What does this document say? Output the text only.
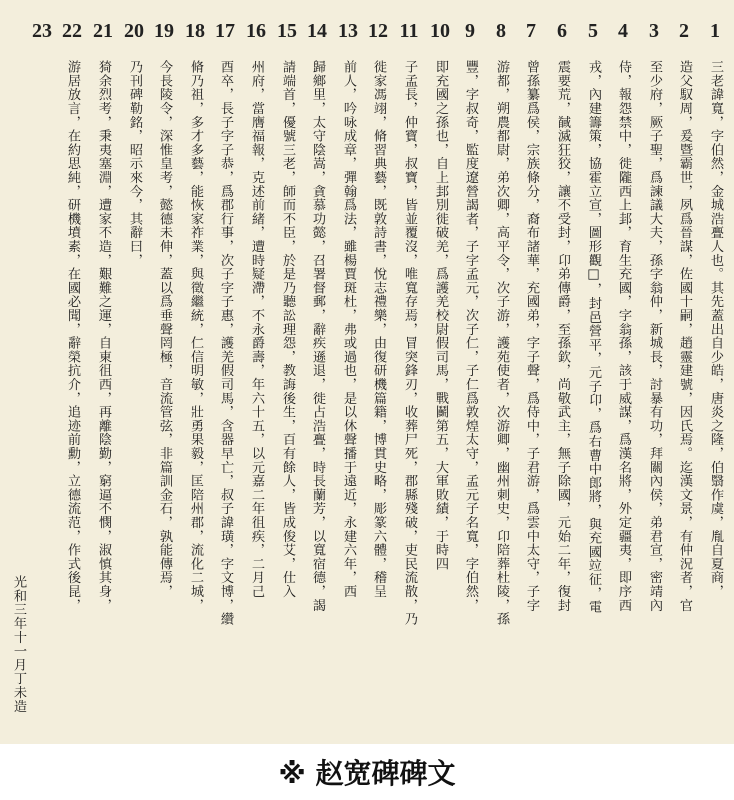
1
2
3
4
5
6
7
8
9
10
11
12
13
14
15
16
17
18
19
20
21
22
23
三老諱寬，字伯然，金城浩亹人也。其先蓋出自少皓，唐炎之隆，伯翳作虞，胤自夏商，
造父馭周，爰暨霸世，夙爲晉謀，佐國十嗣，趙靈建號，因氏焉。迄漢文景，有仲況者，官
至少府，厥子聖，爲諫議大夫，孫字翁仲，新城長，討暴有功，拜關內侯，弟君宣，密靖內
侍，報怨禁中，徙隴西上邽，育生充國，字翁孫，該于威謀，爲漢名將，外定疆夷，即序西
戎，內建籌策，協霍立宣，圖形觀□，封邑營平，元子卬，爲右曹中郎將，與充國竝征，電
震要荒，馘滅狂狡，讓不受封，卬弟傳爵，至孫欽，尚敬武主，無子除國，元始二年，復封
曾孫纂爲侯，宗族條分，裔布諸華，充國弟，字子聲，爲侍中，子君游，爲雲中太守，子字
游都，朔農都尉，弟次卿，高平令，次子游，護苑使者，次游卿，幽州刺史，卬陪葬杜陵，孫
豐，字叔奇，監度遼營謁者，子字孟元，次子仁，子仁爲敦煌太守，孟元子名寬，字伯然，
即充國之孫也，自上邽別徙破羌，爲護羌校尉假司馬，戰鬬第五，大軍敗績，于時四
子孟長，仲寶，叔寶，皆並覆沒，唯寬存焉，冒突鋒刃，收葬尸死，郡縣殘破，吏民流散，乃
徙家馮翊，脩習典藝，既敦詩書，悅志禮樂，由復研機篇籍，博貫史略，彫篆六體，稽呈
前人，吟咏成章，彈翰爲法，雖楊賈斑杜，弗或過也，是以休聲播于遠近，永建六年，西
歸鄉里，太守陰嵩，貪慕功懿，召署督郵，辭疾遜退，徙占浩亹，時長蘭芳，以寬宿德，謁
請端首，優號三老，師而不臣，於是乃聽訟理怨，教誨後生，百有餘人，皆成俊艾，仕入
州府，當膺福報，克述前緒，遭時疑滯，不永爵壽，年六十五，以元嘉二年徂疾，二月己
酉卒，長子字子恭，爲郡行事，次子字子惠，護羌假司馬，含器早亡，叔子諱璜，字文博，纘
脩乃祖，多才多藝，能恢家祚業，與徵繼統，仁信明敏，壯勇果毅，匡陪州郡，流化二城，
今長陵令，深惟皇考，懿德未伸，蓋以爲垂聲罔極，音流管弦，非篇訓金石，孰能傳焉，
乃刊碑勒銘，昭示來今，其辭曰，
猗余烈考，秉夷塞淵，遭家不造，艱難之運，自東徂西，再離陰勤，窮逼不憫，淑慎其身，
游居放言，在約思純，研機墳素，在國必聞，辭榮抗介，追迹前勳，立德流范，作式後昆，
光和三年十一月丁未造
※ 赵宽碑碑文
